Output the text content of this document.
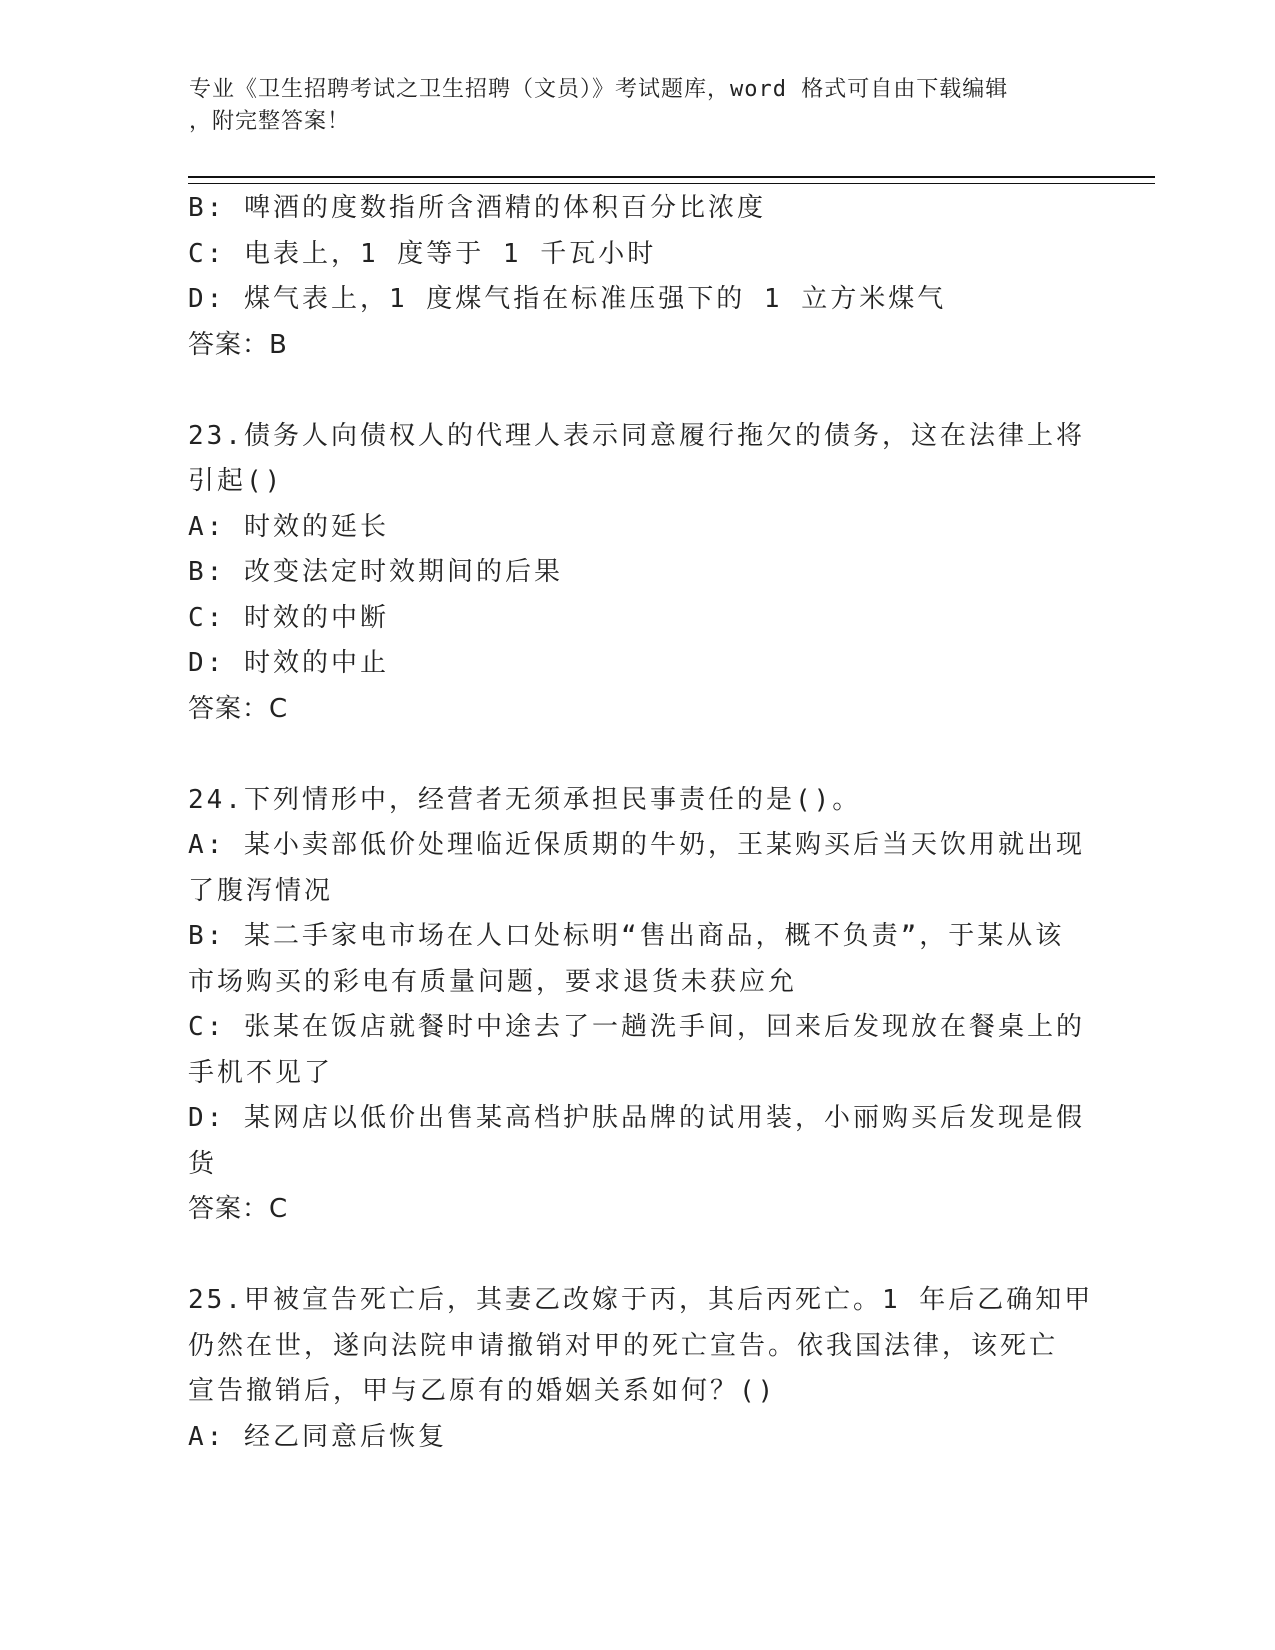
专业《卫生招聘考试之卫生招聘（文员）》考试题库，word 格式可自由下载编辑
，附完整答案！
B: 啤酒的度数指所含酒精的体积百分比浓度
C: 电表上，1 度等于 1 千瓦小时
D: 煤气表上，1 度煤气指在标准压强下的 1 立方米煤气
答案：B
23.债务人向债权人的代理人表示同意履行拖欠的债务，这在法律上将
引起()
A: 时效的延长
B: 改变法定时效期间的后果
C: 时效的中断
D: 时效的中止
答案：C
24.下列情形中，经营者无须承担民事责任的是()。
A: 某小卖部低价处理临近保质期的牛奶，王某购买后当天饮用就出现
了腹泻情况
B: 某二手家电市场在人口处标明“售出商品，概不负责”，于某从该
市场购买的彩电有质量问题，要求退货未获应允
C: 张某在饭店就餐时中途去了一趟洗手间，回来后发现放在餐桌上的
手机不见了
D: 某网店以低价出售某高档护肤品牌的试用装，小丽购买后发现是假
货
答案：C
25.甲被宣告死亡后，其妻乙改嫁于丙，其后丙死亡。1 年后乙确知甲
仍然在世，遂向法院申请撤销对甲的死亡宣告。依我国法律，该死亡
宣告撤销后，甲与乙原有的婚姻关系如何？()
A: 经乙同意后恢复
